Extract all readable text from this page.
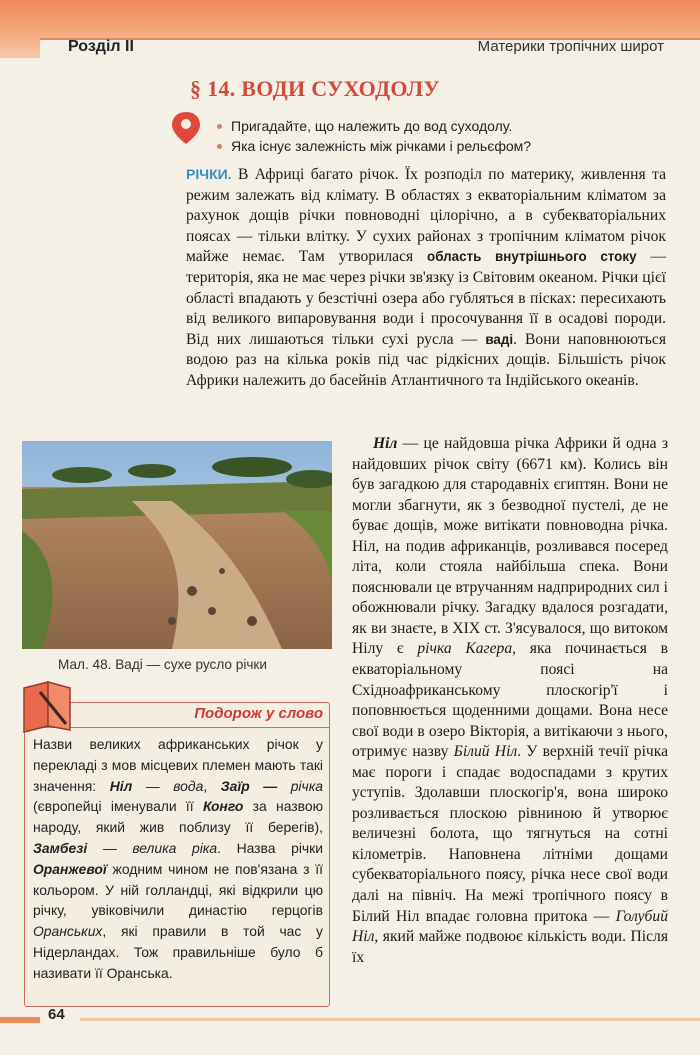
Розділ ІІ	Материки тропічних широт
§ 14. ВОДИ СУХОДОЛУ
Пригадайте, що належить до вод суходолу.
Яка існує залежність між річками і рельєфом?

РІЧКИ. В Африці багато річок. Їх розподіл по материку, живлення та режим залежать від клімату. В областях з екваторіальним кліматом за рахунок дощів річки повноводні цілорічно, а в субекваторіальних поясах — тільки влітку. У сухих районах з тропічним кліматом річок майже немає. Там утворилася область внутрішнього стоку — територія, яка не має через річки зв'язку із Світовим океаном. Річки цієї області впадають у безстічні озера або губляться в пісках: пересихають від великого випаровування води і просочування її в осадові породи. Від них лишаються тільки сухі русла — ваді. Вони наповнюються водою раз на кілька років під час рідкісних дощів. Більшість річок Африки належить до басейнів Атлантичного та Індійського океанів.

Мал. 48. Ваді — сухе русло річки

Ніл — це найдовша річка Африки й одна з найдовших річок світу (6671 км). Колись він був загадкою для стародавніх єгиптян. Вони не могли збагнути, як з безводної пустелі, де не буває дощів, може витікати повноводна річка. Ніл, на подив африканців, розливався посеред літа, коли стояла найбільша спека. Вони пояснювали це втручанням надприродних сил і обожнювали річку. Загадку вдалося розгадати, як ви знаєте, в XIX ст. З'ясувалося, що витоком Нілу є річка Кагера, яка починається в екваторіальному поясі на Східноафриканському плоскогір'ї і поповнюється щоденними дощами. Вона несе свої води в озеро Вікторія, а витікаючи з нього, отримує назву Білий Ніл. У верхній течії річка має пороги і спадає водоспадами з крутих уступів. Здолавши плоскогір'я, вона широко розливається плоскою рівниною й утворює величезні болота, що тягнуться на сотні кілометрів. Наповнена літніми дощами субекваторіального поясу, річка несе свої води далі на північ. На межі тропічного поясу в Білий Ніл впадає головна притока — Голубий Ніл, який майже подвоює кількість води. Після їх

Подорож у слово

Назви великих африканських річок у перекладі з мов місцевих племен мають такі значення: Ніл — вода, Заїр — річка (європейці іменували її Конго за назвою народу, який жив поблизу її берегів), Замбезі — велика ріка. Назва річки Оранжевої жодним чином не пов'язана з її кольором. У ній голландці, які відкрили цю річку, увіковічили династію герцогів Оранських, які правили в той час у Нідерландах. Тож правильніше було б називати її Оранська.

64
